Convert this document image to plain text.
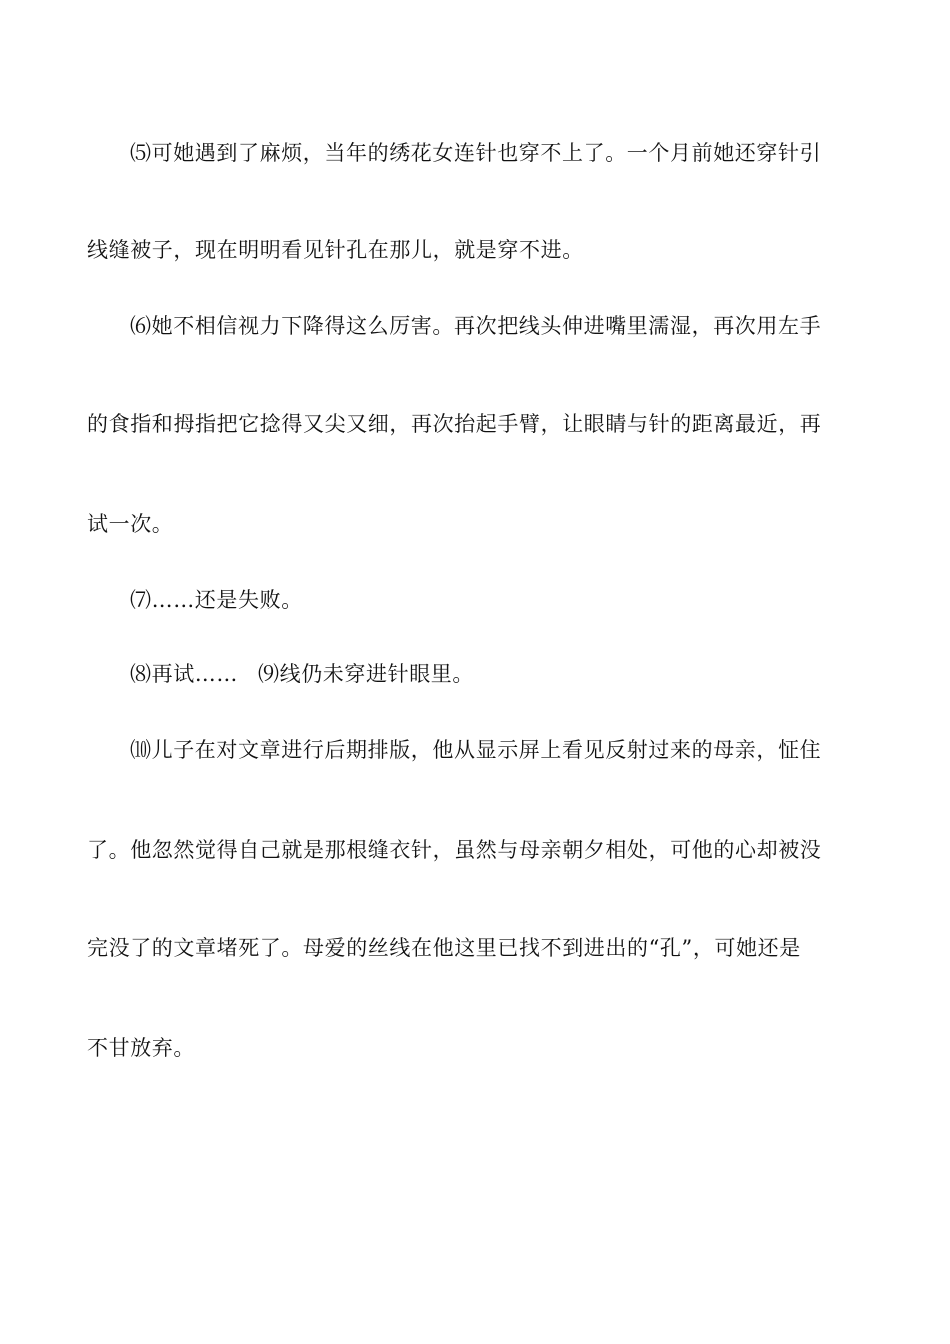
⑸可她遇到了麻烦，当年的绣花女连针也穿不上了。一个月前她还穿针引
线缝被子，现在明明看见针孔在那儿，就是穿不进。
⑹她不相信视力下降得这么厉害。再次把线头伸进嘴里濡湿，再次用左手
的食指和拇指把它捻得又尖又细，再次抬起手臂，让眼睛与针的距离最近，再
试一次。
⑺……还是失败。
⑻再试…… ⑼线仍未穿进针眼里。
⑽儿子在对文章进行后期排版，他从显示屏上看见反射过来的母亲，怔住
了。他忽然觉得自己就是那根缝衣针，虽然与母亲朝夕相处，可他的心却被没
完没了的文章堵死了。母爱的丝线在他这里已找不到进出的“孔”，可她还是
不甘放弃。
